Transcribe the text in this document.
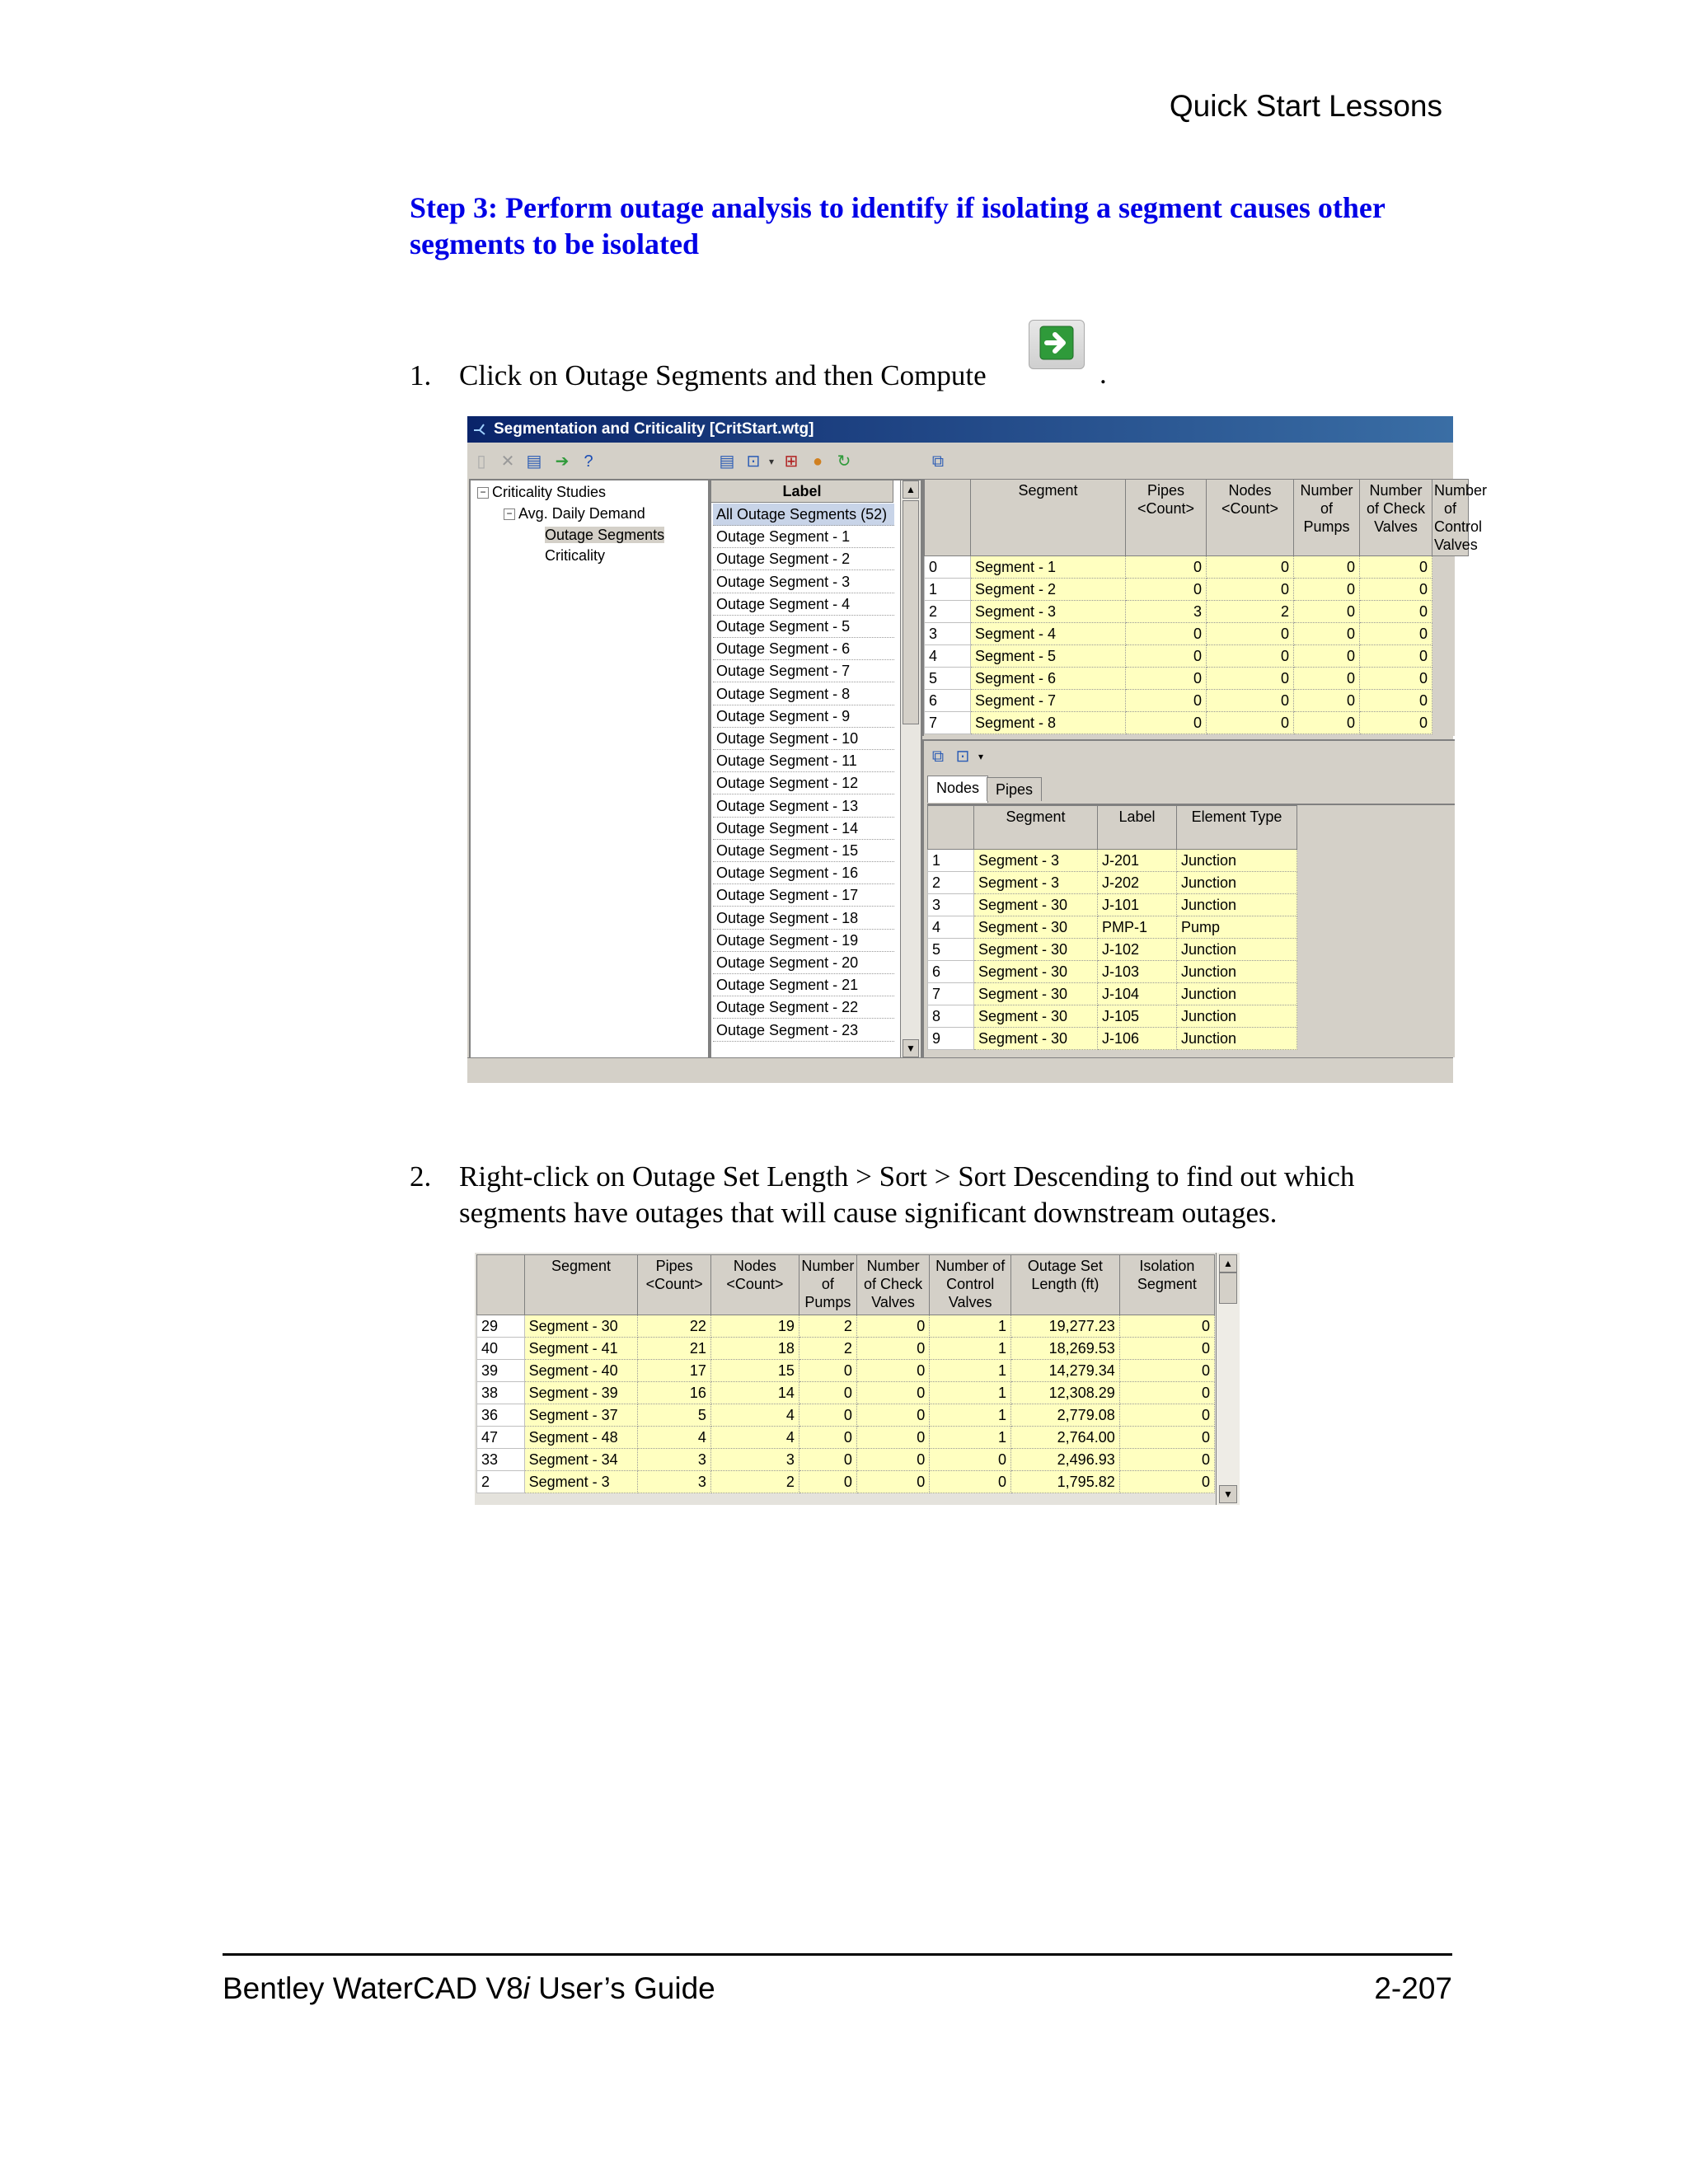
Quick Start Lessons
Step 3: Perform outage analysis to identify if isolating a segment causes other segments to be isolated
1. Click on Outage Segments and then Compute	.
Segmentation and Criticality [CritStart.wtg]
▯ ✕ ▤ ➔ ?	▤ ⊡ ▾ ⊞ ● ↻	⧉
− Criticality Studies
− Avg. Daily Demand
Outage Segments
Criticality
Label
All Outage Segments (52)
Outage Segment - 1
Outage Segment - 2
Outage Segment - 3
Outage Segment - 4
Outage Segment - 5
Outage Segment - 6
Outage Segment - 7
Outage Segment - 8
Outage Segment - 9
Outage Segment - 10
Outage Segment - 11
Outage Segment - 12
Outage Segment - 13
Outage Segment - 14
Outage Segment - 15
Outage Segment - 16
Outage Segment - 17
Outage Segment - 18
Outage Segment - 19
Outage Segment - 20
Outage Segment - 21
Outage Segment - 22
Outage Segment - 23
▲
▼
	Segment	Pipes <Count>	Nodes <Count>	Number of Pumps	Number of Check Valves	Number of Control Valves
0	Segment - 1	0	0	0	0	
1	Segment - 2	0	0	0	0	
2	Segment - 3	3	2	0	0	
3	Segment - 4	0	0	0	0	
4	Segment - 5	0	0	0	0	
5	Segment - 6	0	0	0	0	
6	Segment - 7	0	0	0	0	
7	Segment - 8	0	0	0	0	
⧉ ⊡ ▾
Nodes	Pipes
	Segment	Label	Element Type
1	Segment - 3	J-201	Junction
2	Segment - 3	J-202	Junction
3	Segment - 30	J-101	Junction
4	Segment - 30	PMP-1	Pump
5	Segment - 30	J-102	Junction
6	Segment - 30	J-103	Junction
7	Segment - 30	J-104	Junction
8	Segment - 30	J-105	Junction
9	Segment - 30	J-106	Junction
2. Right-click on Outage Set Length > Sort > Sort Descending to find out which segments have outages that will cause significant downstream outages.
	Segment	Pipes <Count>	Nodes <Count>	Number of Pumps	Number of Check Valves	Number of Control Valves	Outage Set Length (ft)	Isolation Segment
29	Segment - 30	22	19	2	0	1	19,277.23	0
40	Segment - 41	21	18	2	0	1	18,269.53	0
39	Segment - 40	17	15	0	0	1	14,279.34	0
38	Segment - 39	16	14	0	0	1	12,308.29	0
36	Segment - 37	5	4	0	0	1	2,779.08	0
47	Segment - 48	4	4	0	0	1	2,764.00	0
33	Segment - 34	3	3	0	0	0	2,496.93	0
2	Segment - 3	3	2	0	0	0	1,795.82	0
▲
▼
Bentley WaterCAD V8i User’s Guide	2-207
